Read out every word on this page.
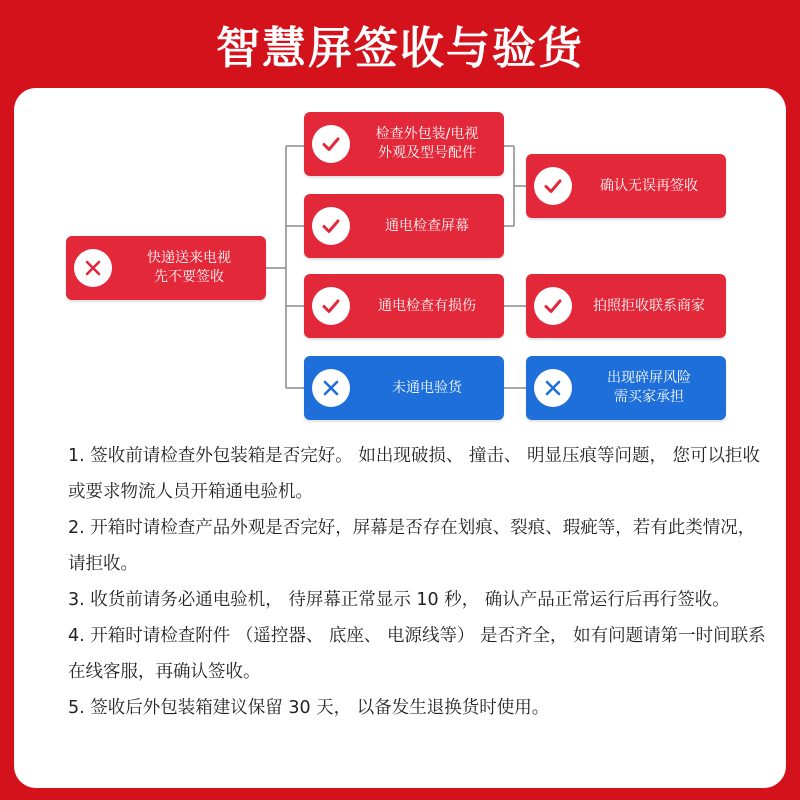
智慧屏签收与验货
快递送来电视
先不要签收
检查外包装/电视
外观及型号配件
通电检查屏幕
通电检查有损伤
未通电验货
确认无误再签收
拍照拒收联系商家
出现碎屏风险
需买家承担

1. 签收前请检查外包装箱是否完好。 如出现破损、 撞击、 明显压痕等问题， 您可以拒收或要求物流人员开箱通电验机。

2. 开箱时请检查产品外观是否完好，屏幕是否存在划痕、裂痕、瑕疵等，若有此类情况， 请拒收。

3. 收货前请务必通电验机， 待屏幕正常显示 10 秒， 确认产品正常运行后再行签收。

4. 开箱时请检查附件 （遥控器、 底座、 电源线等） 是否齐全， 如有问题请第一时间联系在线客服，再确认签收。

5. 签收后外包装箱建议保留 30 天， 以备发生退换货时使用。
